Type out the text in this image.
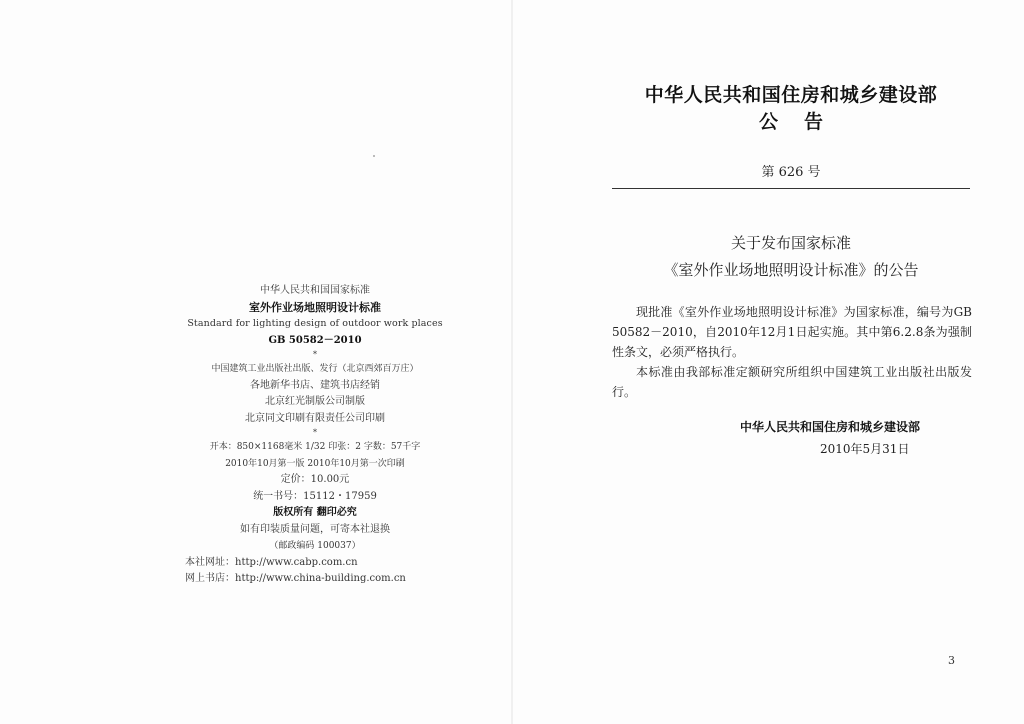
中华人民共和国国家标准
室外作业场地照明设计标准
Standard for lighting design of outdoor work places
GB 50582－2010
*
中国建筑工业出版社出版、发行（北京西郊百万庄）
各地新华书店、建筑书店经销
北京红光制版公司制版
北京同文印刷有限责任公司印刷
*
开本：850×1168毫米 1/32 印张：2 字数：57千字
2010年10月第一版 2010年10月第一次印刷
定价：10.00元
统一书号：15112・17959
版权所有 翻印必究
如有印装质量问题，可寄本社退换
（邮政编码 100037）
本社网址：http://www.cabp.com.cn
网上书店：http://www.china-building.com.cn
中华人民共和国住房和城乡建设部
公告
第 626 号
关于发布国家标准
《室外作业场地照明设计标准》的公告

现批准《室外作业场地照明设计标准》为国家标准，编号为GB 50582－2010，自2010年12月1日起实施。其中第6.2.8条为强制性条文，必须严格执行。

本标准由我部标准定额研究所组织中国建筑工业出版社出版发行。

中华人民共和国住房和城乡建设部
2010年5月31日
3
